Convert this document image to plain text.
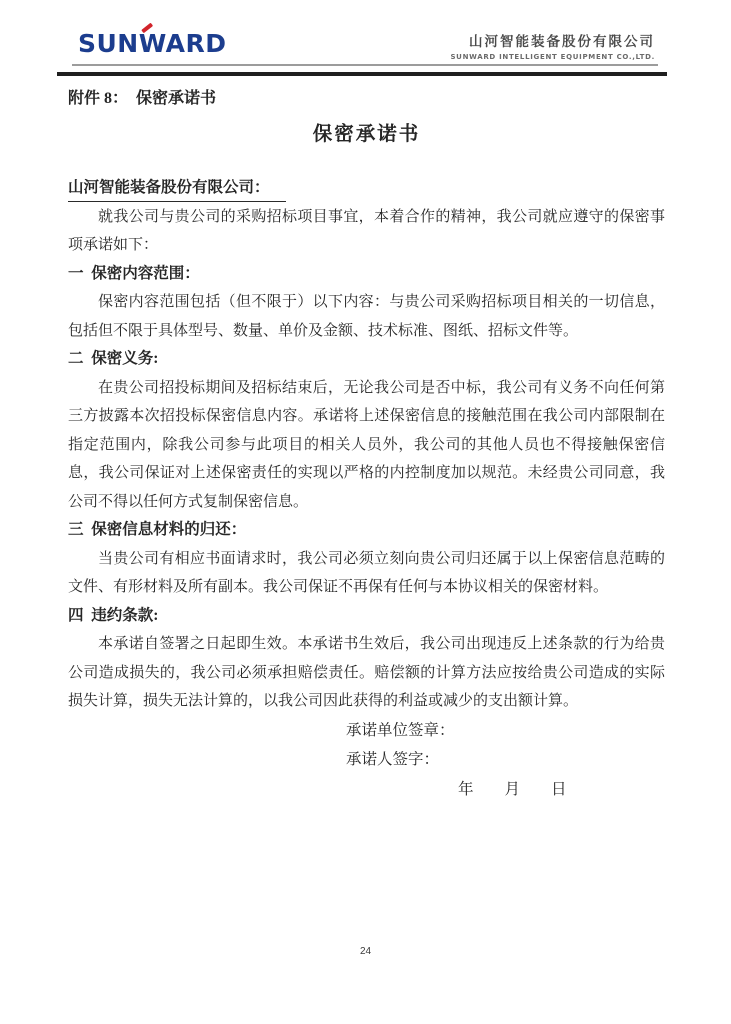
SUNWARD	山河智能装备股份有限公司
SUNWARD INTELLIGENT EQUIPMENT CO.,LTD.
附件 8：　保密承诺书
保密承诺书
山河智能装备股份有限公司：

就我公司与贵公司的采购招标项目事宜，本着合作的精神，我公司就应遵守的保密事项承诺如下：

一  保密内容范围：

保密内容范围包括（但不限于）以下内容：与贵公司采购招标项目相关的一切信息，包括但不限于具体型号、数量、单价及金额、技术标准、图纸、招标文件等。

二  保密义务:

在贵公司招投标期间及招标结束后，无论我公司是否中标，我公司有义务不向任何第三方披露本次招投标保密信息内容。承诺将上述保密信息的接触范围在我公司内部限制在指定范围内，除我公司参与此项目的相关人员外，我公司的其他人员也不得接触保密信息，我公司保证对上述保密责任的实现以严格的内控制度加以规范。未经贵公司同意，我公司不得以任何方式复制保密信息。

三  保密信息材料的归还：

当贵公司有相应书面请求时，我公司必须立刻向贵公司归还属于以上保密信息范畴的文件、有形材料及所有副本。我公司保证不再保有任何与本协议相关的保密材料。

四  违约条款:

本承诺自签署之日起即生效。本承诺书生效后，我公司出现违反上述条款的行为给贵公司造成损失的，我公司必须承担赔偿责任。赔偿额的计算方法应按给贵公司造成的实际损失计算，损失无法计算的，以我公司因此获得的利益或减少的支出额计算。

承诺单位签章：
承诺人签字：
年　　月　　日
24
